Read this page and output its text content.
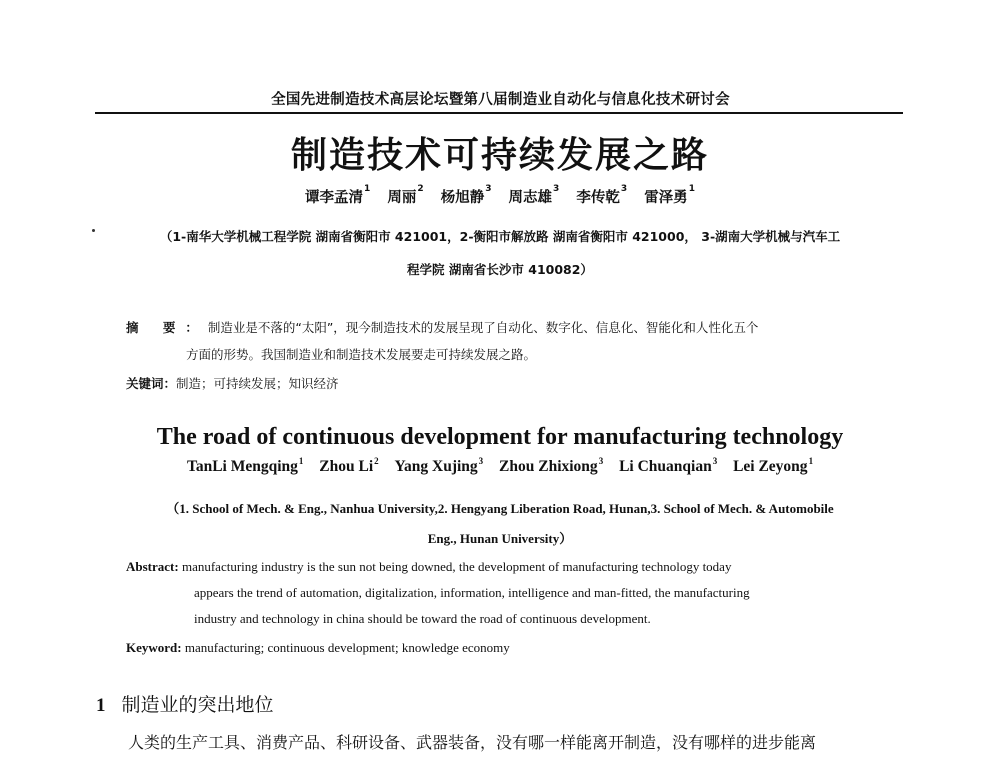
全国先进制造技术高层论坛暨第八届制造业自动化与信息化技术研讨会
制造技术可持续发展之路
谭李孟清$^1$ 周丽$^2$ 杨旭静$^3$ 周志雄$^3$ 李传乾$^3$ 雷泽勇$^1$
（1-南华大学机械工程学院 湖南省衡阳市 421001，2-衡阳市解放路 湖南省衡阳市 421000， 3-湖南大学机械与汽车工
程学院 湖南省长沙市 410082）
摘 要：制造业是不落的“太阳”，现今制造技术的发展呈现了自动化、数字化、信息化、智能化和人性化五个
方面的形势。我国制造业和制造技术发展要走可持续发展之路。
关键词：制造；可持续发展；知识经济
The road of continuous development for manufacturing technology
TanLi Mengqing$^1$ Zhou Li$^2$ Yang Xujing$^3$ Zhou Zhixiong$^3$ Li Chuanqian$^3$ Lei Zeyong$^1$
（1. School of Mech. & Eng., Nanhua University,2. Hengyang Liberation Road, Hunan,3. School of Mech. & Automobile
Eng., Hunan University）
Abstract: manufacturing industry is the sun not being downed, the development of manufacturing technology today
appears the trend of automation, digitalization, information, intelligence and man-fitted, the manufacturing
industry and technology in china should be toward the road of continuous development.
Keyword: manufacturing; continuous development; knowledge economy
1 制造业的突出地位
人类的生产工具、消费产品、科研设备、武器装备，没有哪一样能离开制造，没有哪样的进步能离
